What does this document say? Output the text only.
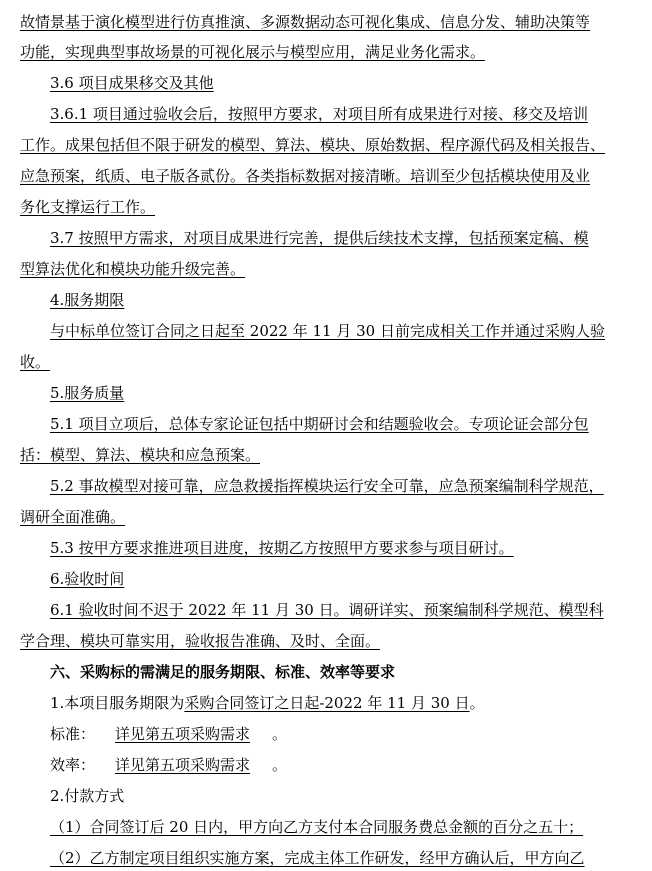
故情景基于演化模型进行仿真推演、多源数据动态可视化集成、信息分发、辅助决策等
功能，实现典型事故场景的可视化展示与模型应用，满足业务化需求。
3.6 项目成果移交及其他
3.6.1 项目通过验收会后，按照甲方要求，对项目所有成果进行对接、移交及培训
工作。成果包括但不限于研发的模型、算法、模块、原始数据、程序源代码及相关报告、
应急预案，纸质、电子版各贰份。各类指标数据对接清晰。培训至少包括模块使用及业
务化支撑运行工作。
3.7 按照甲方需求，对项目成果进行完善，提供后续技术支撑，包括预案定稿、模
型算法优化和模块功能升级完善。
4.服务期限
与中标单位签订合同之日起至 2022 年 11 月 30 日前完成相关工作并通过采购人验
收。
5.服务质量
5.1 项目立项后，总体专家论证包括中期研讨会和结题验收会。专项论证会部分包
括：模型、算法、模块和应急预案。
5.2 事故模型对接可靠，应急救援指挥模块运行安全可靠，应急预案编制科学规范，
调研全面准确。
5.3 按甲方要求推进项目进度，按期乙方按照甲方要求参与项目研讨。
6.验收时间
6.1 验收时间不迟于 2022 年 11 月 30 日。调研详实、预案编制科学规范、模型科
学合理、模块可靠实用，验收报告准确、及时、全面。
六、采购标的需满足的服务期限、标准、效率等要求
1.本项目服务期限为采购合同签订之日起-2022 年 11 月 30 日。
标准： 详见第五项采购需求 。
效率： 详见第五项采购需求 。
2.付款方式
（1）合同签订后 20 日内，甲方向乙方支付本合同服务费总金额的百分之五十；
（2）乙方制定项目组织实施方案，完成主体工作研发，经甲方确认后，甲方向乙
